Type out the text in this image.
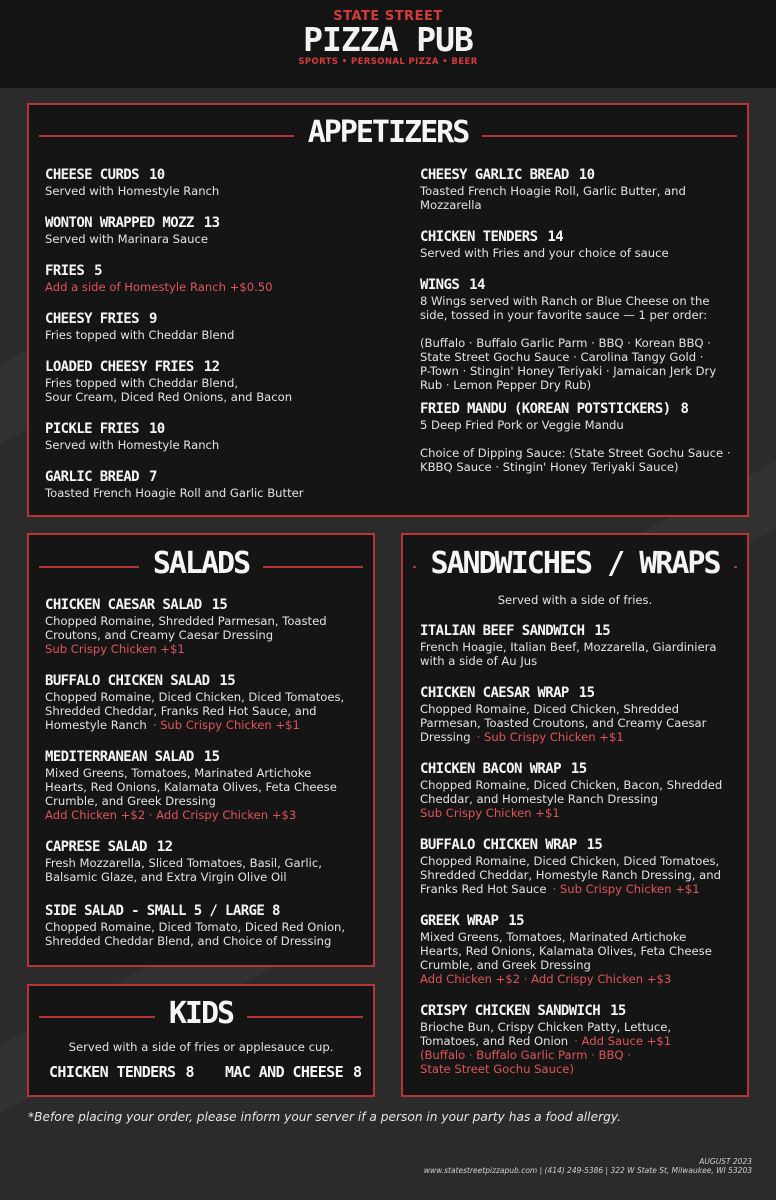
STATE STREET
PIZZA PUB
SPORTS • PERSONAL PIZZA • BEER
APPETIZERS
CHEESE CURDS 10
Served with Homestyle Ranch
WONTON WRAPPED MOZZ 13
Served with Marinara Sauce
FRIES 5
Add a side of Homestyle Ranch +$0.50
CHEESY FRIES 9
Fries topped with Cheddar Blend
LOADED CHEESY FRIES 12
Fries topped with Cheddar Blend,
Sour Cream, Diced Red Onions, and Bacon
PICKLE FRIES 10
Served with Homestyle Ranch
GARLIC BREAD 7
Toasted French Hoagie Roll and Garlic Butter
CHEESY GARLIC BREAD 10
Toasted French Hoagie Roll, Garlic Butter, and
Mozzarella
CHICKEN TENDERS 14
Served with Fries and your choice of sauce
WINGS 14
8 Wings served with Ranch or Blue Cheese on the
side, tossed in your favorite sauce — 1 per order:
(Buffalo · Buffalo Garlic Parm · BBQ · Korean BBQ ·
State Street Gochu Sauce · Carolina Tangy Gold ·
P-Town · Stingin' Honey Teriyaki · Jamaican Jerk Dry
Rub · Lemon Pepper Dry Rub)
FRIED MANDU (KOREAN POTSTICKERS) 8
5 Deep Fried Pork or Veggie Mandu
Choice of Dipping Sauce: (State Street Gochu Sauce ·
KBBQ Sauce · Stingin' Honey Teriyaki Sauce)
SALADS
CHICKEN CAESAR SALAD 15
Chopped Romaine, Shredded Parmesan, Toasted
Croutons, and Creamy Caesar Dressing
Sub Crispy Chicken +$1
BUFFALO CHICKEN SALAD 15
Chopped Romaine, Diced Chicken, Diced Tomatoes,
Shredded Cheddar, Franks Red Hot Sauce, and
Homestyle Ranch · Sub Crispy Chicken +$1
MEDITERRANEAN SALAD 15
Mixed Greens, Tomatoes, Marinated Artichoke
Hearts, Red Onions, Kalamata Olives, Feta Cheese
Crumble, and Greek Dressing
Add Chicken +$2 · Add Crispy Chicken +$3
CAPRESE SALAD 12
Fresh Mozzarella, Sliced Tomatoes, Basil, Garlic,
Balsamic Glaze, and Extra Virgin Olive Oil
SIDE SALAD - SMALL 5 / LARGE 8
Chopped Romaine, Diced Tomato, Diced Red Onion,
Shredded Cheddar Blend, and Choice of Dressing
KIDS
Served with a side of fries or applesauce cup.
CHICKEN TENDERS 8 MAC AND CHEESE 8
SANDWICHES / WRAPS
Served with a side of fries.
ITALIAN BEEF SANDWICH 15
French Hoagie, Italian Beef, Mozzarella, Giardiniera
with a side of Au Jus
CHICKEN CAESAR WRAP 15
Chopped Romaine, Diced Chicken, Shredded
Parmesan, Toasted Croutons, and Creamy Caesar
Dressing · Sub Crispy Chicken +$1
CHICKEN BACON WRAP 15
Chopped Romaine, Diced Chicken, Bacon, Shredded
Cheddar, and Homestyle Ranch Dressing
Sub Crispy Chicken +$1
BUFFALO CHICKEN WRAP 15
Chopped Romaine, Diced Chicken, Diced Tomatoes,
Shredded Cheddar, Homestyle Ranch Dressing, and
Franks Red Hot Sauce · Sub Crispy Chicken +$1
GREEK WRAP 15
Mixed Greens, Tomatoes, Marinated Artichoke
Hearts, Red Onions, Kalamata Olives, Feta Cheese
Crumble, and Greek Dressing
Add Chicken +$2 · Add Crispy Chicken +$3
CRISPY CHICKEN SANDWICH 15
Brioche Bun, Crispy Chicken Patty, Lettuce,
Tomatoes, and Red Onion · Add Sauce +$1
(Buffalo · Buffalo Garlic Parm · BBQ ·
State Street Gochu Sauce)
*Before placing your order, please inform your server if a person in your party has a food allergy.
AUGUST 2023
www.statestreetpizzapub.com | (414) 249-5386 | 322 W State St, Milwaukee, WI 53203
